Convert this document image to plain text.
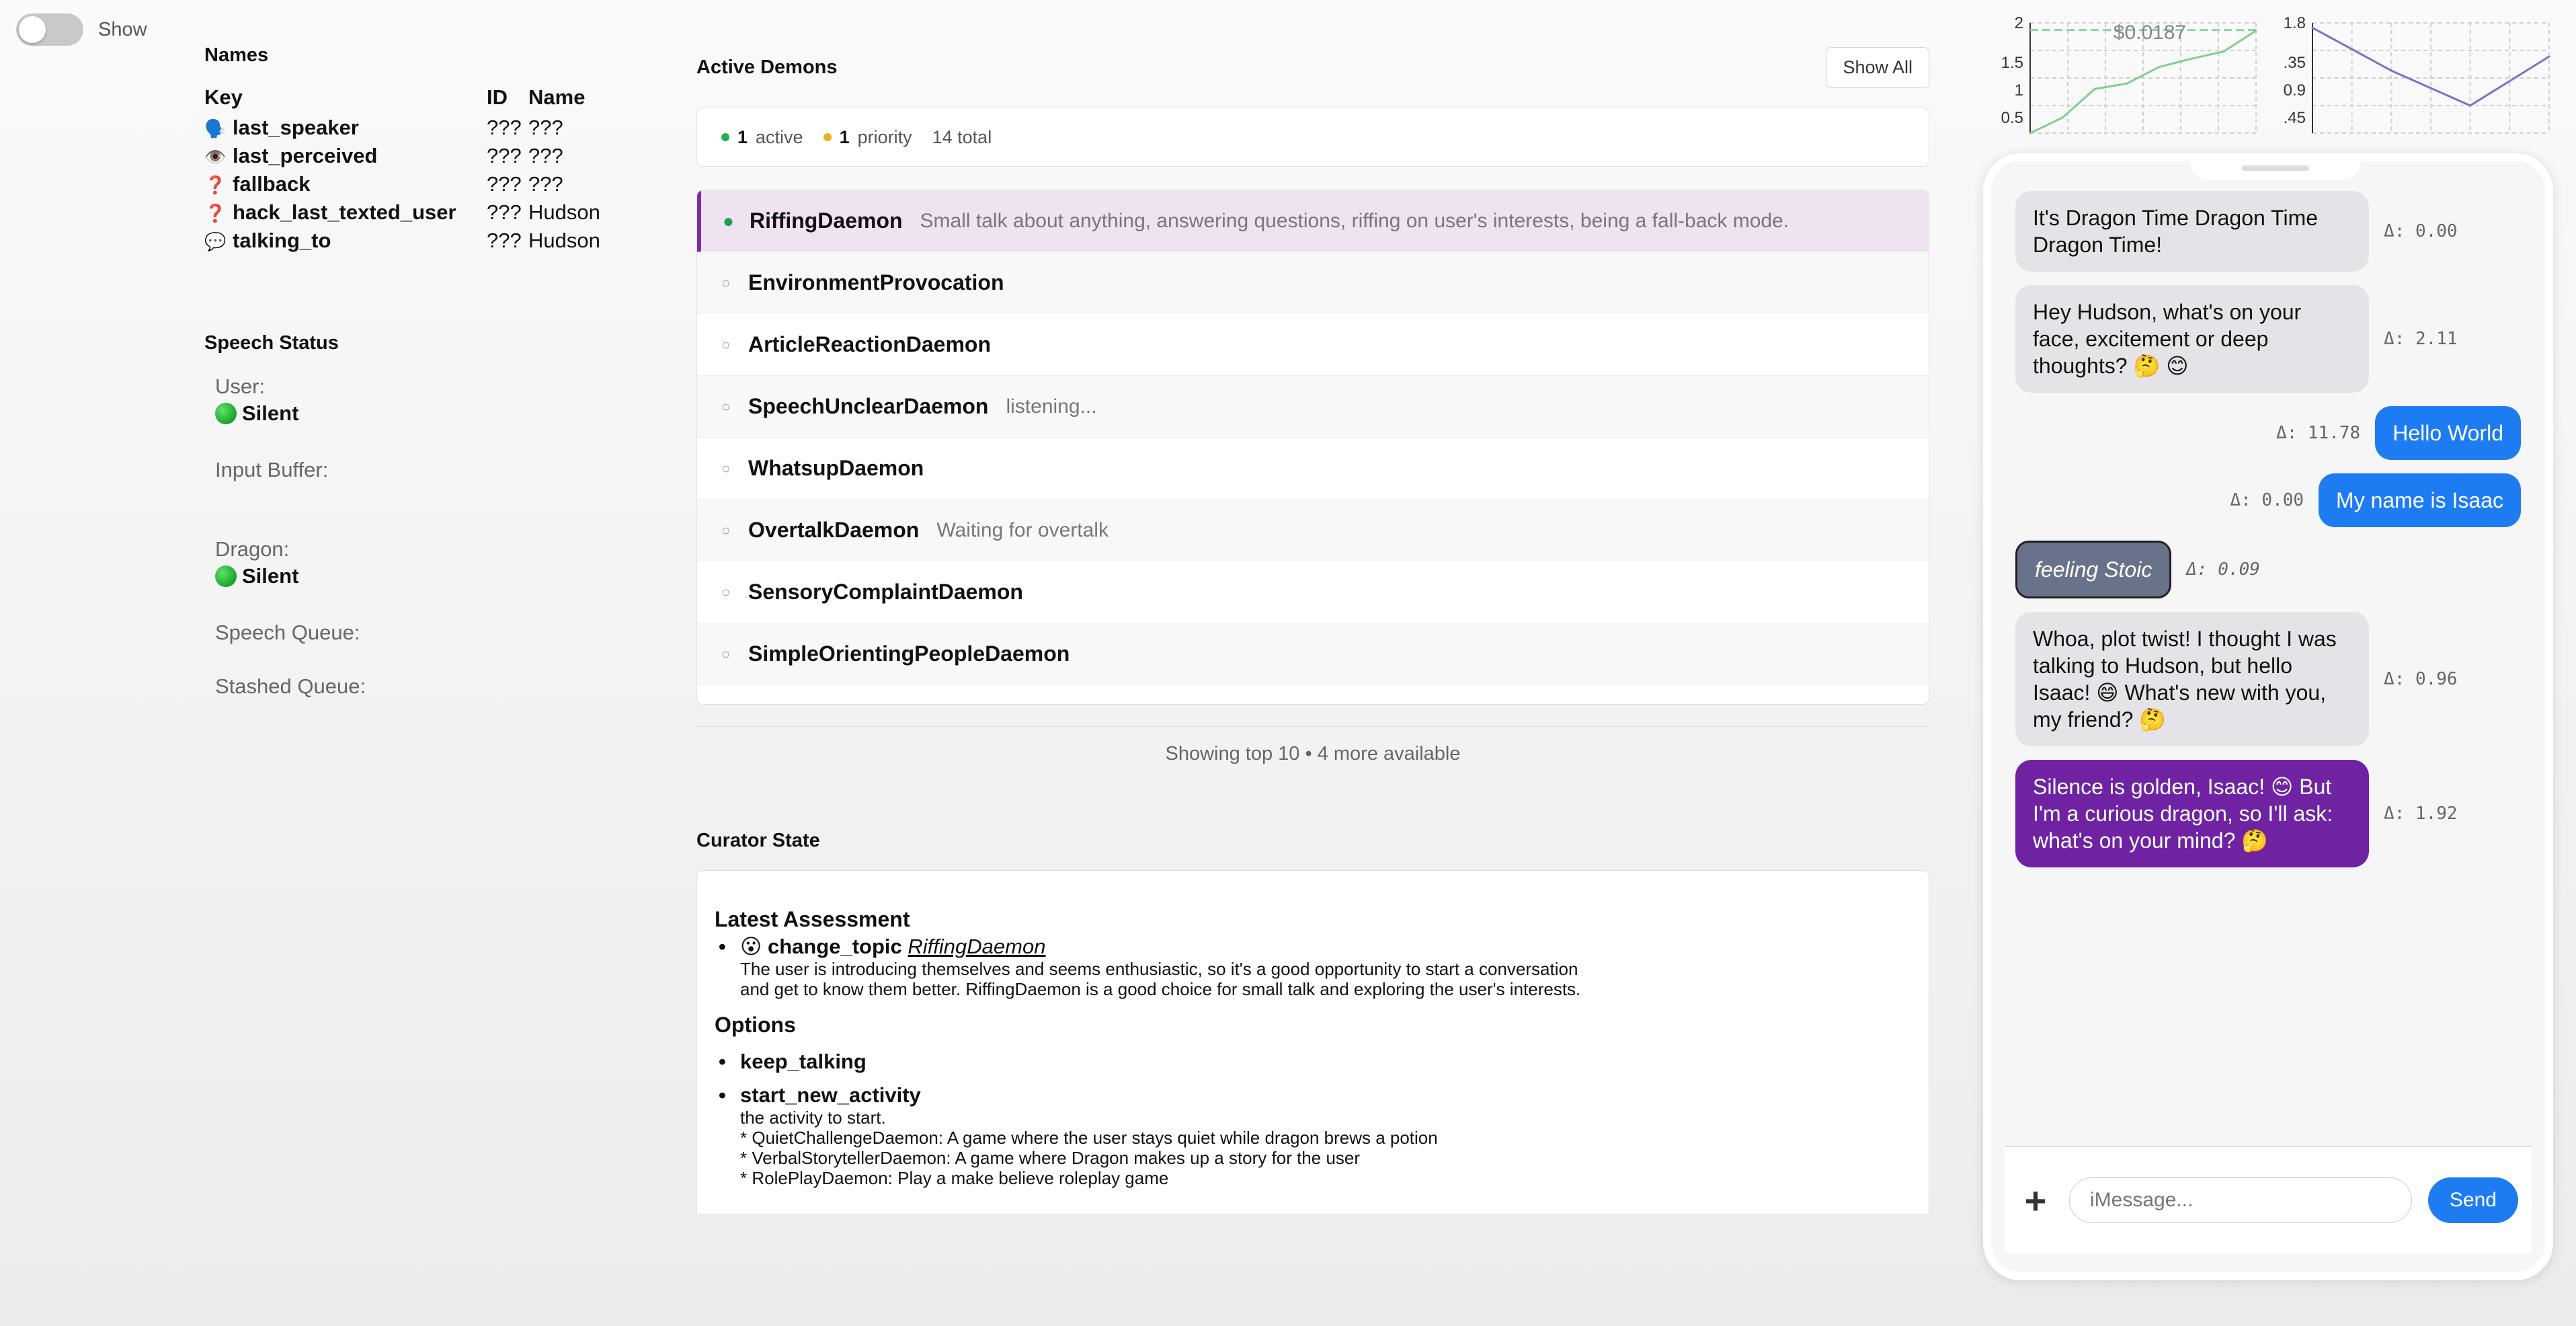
Show
Names
Key	ID	Name
🗣️ last_speaker	???	???
👁️ last_perceived	???	???
❓ fallback	???	???
❓ hack_last_texted_user	???	Hudson
💬 talking_to	???	Hudson
Speech Status
User:
Silent
Input Buffer:
Dragon:
Silent
Speech Queue:
Stashed Queue:
Active Demons	Show All
1 active 1 priority 14 total
● RiffingDaemon Small talk about anything, answering questions, riffing on user's interests, being a fall-back mode.
○ EnvironmentProvocation
○ ArticleReactionDaemon
○ SpeechUnclearDaemon listening...
○ WhatsupDaemon
○ OvertalkDaemon Waiting for overtalk
○ SensoryComplaintDaemon
○ SimpleOrientingPeopleDaemon
Showing top 10 • 4 more available
Curator State
Latest Assessment
• 😮 change_topic RiffingDaemon
The user is introducing themselves and seems enthusiastic, so it's a good opportunity to start a conversation
and get to know them better. RiffingDaemon is a good choice for small talk and exploring the user's interests.
Options
• keep_talking
• start_new_activity
the activity to start.
* QuietChallengeDaemon: A game where the user stays quiet while dragon brews a potion
* VerbalStorytellerDaemon: A game where Dragon makes up a story for the user
* RolePlayDaemon: Play a make believe roleplay game
2
1.5
1
0.5
$0.0187	1.8
.35
0.9
.45
It's Dragon Time Dragon Time Dragon Time!
Δ: 0.00
Hey Hudson, what's on your face, excitement or deep thoughts? 🤔 😊
Δ: 2.11
Δ: 11.78	Hello World
Δ: 0.00	My name is Isaac
feeling Stoic	Δ: 0.09
Whoa, plot twist! I thought I was talking to Hudson, but hello Isaac! 😄 What's new with you, my friend? 🤔
Δ: 0.96
Silence is golden, Isaac! 😊 But I'm a curious dragon, so I'll ask: what's on your mind? 🤔
Δ: 1.92
+
iMessage...	Send
